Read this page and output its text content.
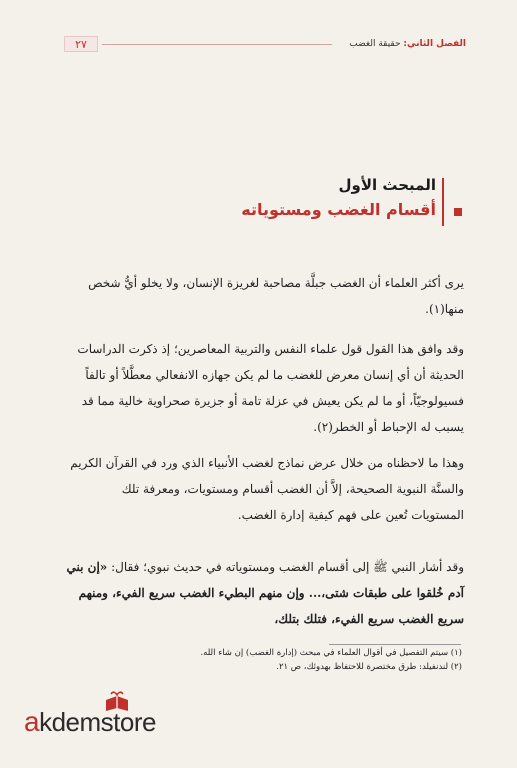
٢٧	الفصل الثاني: حقيقة الغضب
المبحث الأول
أقسام الغضب ومستوياته

يرى أكثر العلماء أن الغضب جبلَّة مصاحبة لغريزة الإنسان، ولا يخلو أيُّ شخص منها(١).

وقد وافق هذا القول قول علماء النفس والتربية المعاصرين؛ إذ ذكرت الدراسات الحديثة أن أي إنسان معرض للغضب ما لم يكن جهازه الانفعالي معطَّلاً أو تالفاً فسيولوجيّاً، أو ما لم يكن يعيش في عزلة تامة أو جزيرة صحراوية خالية مما قد يسبب له الإحباط أو الخطر(٢).

وهذا ما لاحظناه من خلال عرض نماذج لغضب الأنبياء الذي ورد في القرآن الكريم والسنَّة النبوية الصحيحة، إلاَّ أن الغضب أقسام ومستويات، ومعرفة تلك المستويات تُعين على فهم كيفية إدارة الغضب.

وقد أشار النبي ﷺ إلى أقسام الغضب ومستوياته في حديث نبوي؛ فقال: «إن بني آدم خُلقوا على طبقات شتى،... وإن منهم البطيء الغضب سريع الفيء، ومنهم سريع الغضب سريع الفيء، فتلك بتلك،

(١) سيتم التفصيل في أقوال العلماء في مبحث (إدارة الغضب) إن شاء الله.
(٢) لندنفيلد: طرق مختصرة للاحتفاظ بهدوئك، ص ٢١.
akdemstore
